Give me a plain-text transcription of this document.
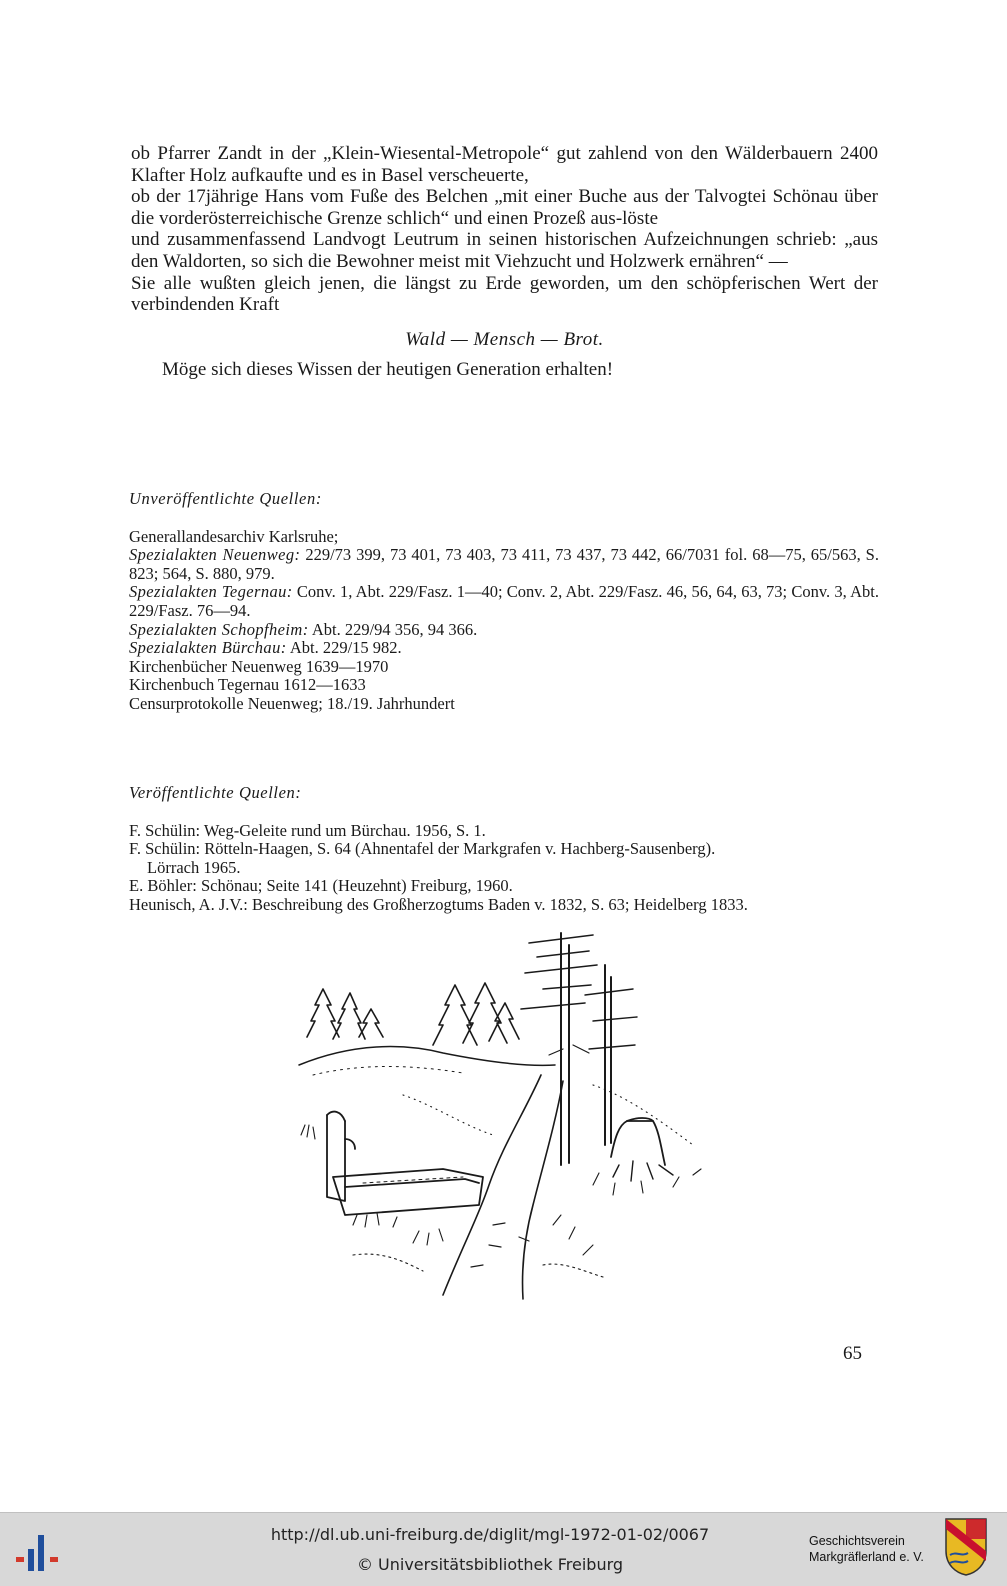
ob Pfarrer Zandt in der „Klein-Wiesental-Metropole“ gut zahlend von den Wälderbauern 2400 Klafter Holz aufkaufte und es in Basel verscheuerte,

ob der 17jährige Hans vom Fuße des Belchen „mit einer Buche aus der Talvogtei Schönau über die vorderösterreichische Grenze schlich“ und einen Prozeß aus-löste

und zusammenfassend Landvogt Leutrum in seinen historischen Aufzeichnungen schrieb: „aus den Waldorten, so sich die Bewohner meist mit Viehzucht und Holzwerk ernähren“ —

Sie alle wußten gleich jenen, die längst zu Erde geworden, um den schöpferischen Wert der verbindenden Kraft

Wald — Mensch — Brot.

Möge sich dieses Wissen der heutigen Generation erhalten!

Unveröffentlichte Quellen:

Generallandesarchiv Karlsruhe;

Spezialakten Neuenweg: 229/73 399, 73 401, 73 403, 73 411, 73 437, 73 442, 66/7031 fol. 68—75, 65/563, S. 823; 564, S. 880, 979.

Spezialakten Tegernau: Conv. 1, Abt. 229/Fasz. 1—40; Conv. 2, Abt. 229/Fasz. 46, 56, 64, 63, 73; Conv. 3, Abt. 229/Fasz. 76—94.

Spezialakten Schopfheim: Abt. 229/94 356, 94 366.

Spezialakten Bürchau: Abt. 229/15 982.

Kirchenbücher Neuenweg 1639—1970

Kirchenbuch Tegernau 1612—1633

Censurprotokolle Neuenweg; 18./19. Jahrhundert

Veröffentlichte Quellen:

F. Schülin: Weg-Geleite rund um Bürchau. 1956, S. 1.

F. Schülin: Rötteln-Haagen, S. 64 (Ahnentafel der Markgrafen v. Hachberg-Sausenberg).

Lörrach 1965.

E. Böhler: Schönau; Seite 141 (Heuzehnt) Freiburg, 1960.

Heunisch, A. J.V.: Beschreibung des Großherzogtums Baden v. 1832, S. 63; Heidelberg 1833.

65
http://dl.ub.uni-freiburg.de/diglit/mgl-1972-01-02/0067
© Universitätsbibliothek Freiburg
Geschichtsverein
Markgräflerland e. V.
